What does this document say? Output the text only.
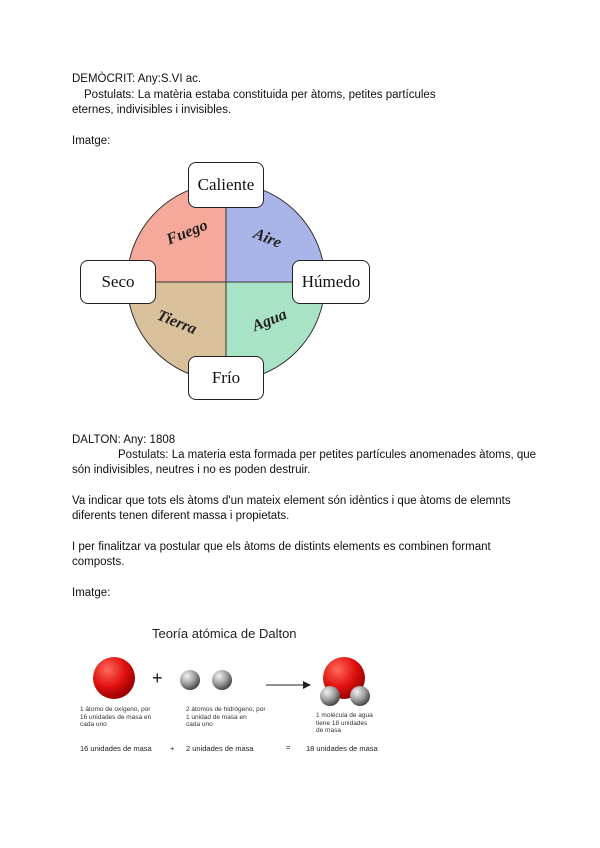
DEMÒCRIT: Any:S.VI ac.
Postulats: La matèria estaba constituida per àtoms, petites partícules
eternes, indivisibles i invisibles.
Imatge:
Fuego	Aire
Tierra	Agua
Caliente
Seco	Húmedo
Frío
DALTON: Any: 1808
Postulats: La materia esta formada per petites partícules anomenades àtoms, que
són indivisibles, neutres i no es poden destruir.
Va indicar que tots els àtoms d'un mateix element són idèntics i que àtoms de elemnts
diferents tenen diferent massa i propietats.
I per finalitzar va postular que els àtoms de distints elements es combinen formant
composts.
Imatge:
Teoría atómica de Dalton
+
1 átomo de oxígeno, por
16 unidades de masa en
cada uno
2 átomos de hidrógeno, por
1 unidad de masa en
cada uno
1 molécula de agua
tiene 18 unidades
de masa
16 unidades de masa + 2 unidades de masa	= 18 unidades de masa
